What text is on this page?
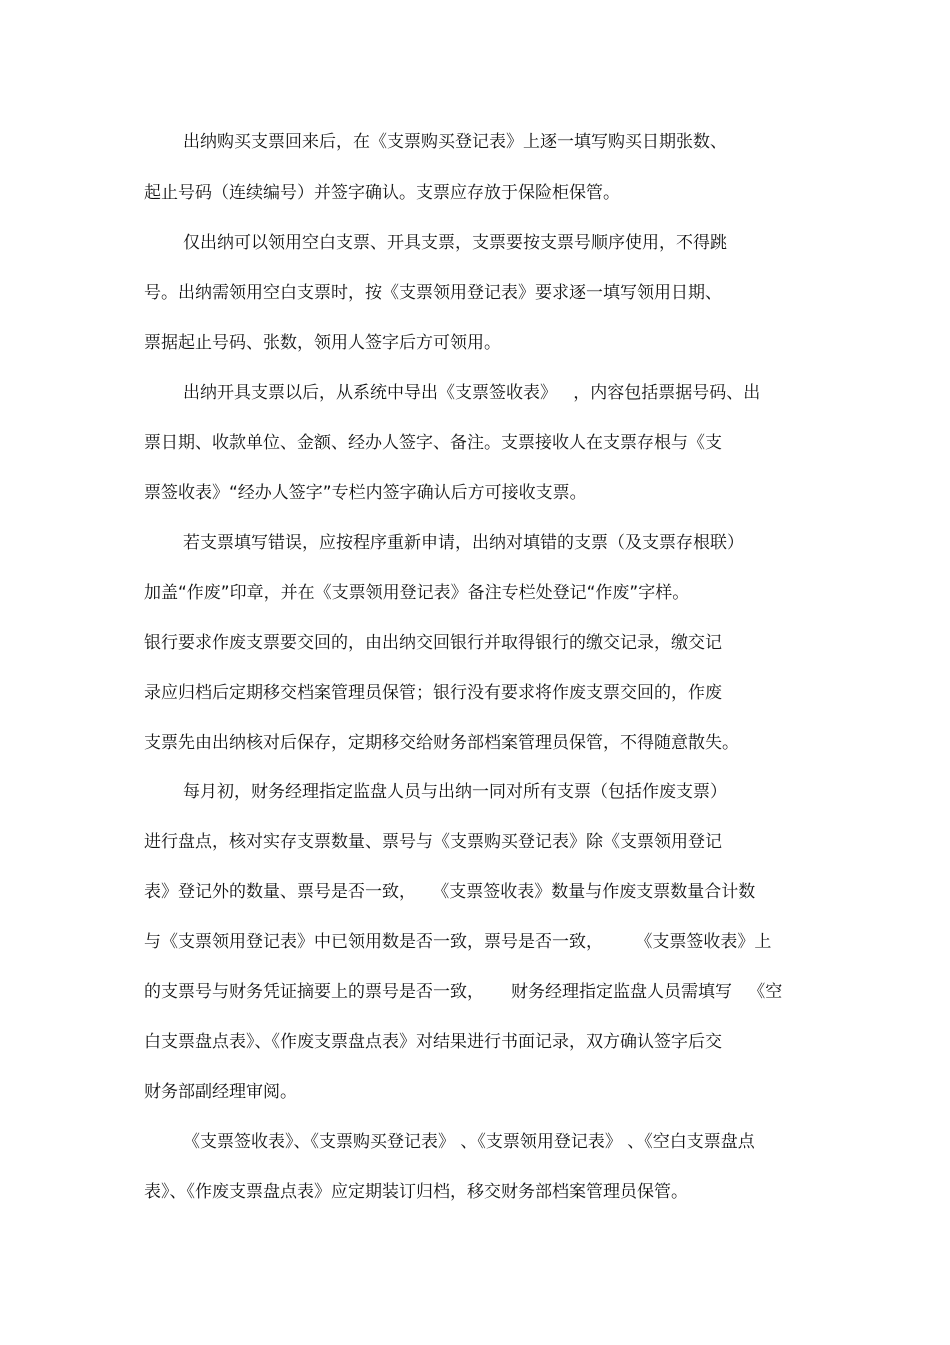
出纳购买支票回来后，在《支票购买登记表》上逐一填写购买日期张数、
起止号码（连续编号）并签字确认。支票应存放于保险柜保管。
仅出纳可以领用空白支票、开具支票，支票要按支票号顺序使用，不得跳
号。出纳需领用空白支票时，按《支票领用登记表》要求逐一填写领用日期、
票据起止号码、张数，领用人签字后方可领用。
出纳开具支票以后，从系统中导出《支票签收表》   ，内容包括票据号码、出
票日期、收款单位、金额、经办人签字、备注。支票接收人在支票存根与《支
票签收表》“经办人签字”专栏内签字确认后方可接收支票。
若支票填写错误，应按程序重新申请，出纳对填错的支票（及支票存根联）
加盖“作废”印章，并在《支票领用登记表》备注专栏处登记“作废”字样。
银行要求作废支票要交回的，由出纳交回银行并取得银行的缴交记录，缴交记
录应归档后定期移交档案管理员保管；银行没有要求将作废支票交回的，作废
支票先由出纳核对后保存，定期移交给财务部档案管理员保管，不得随意散失。
每月初，财务经理指定监盘人员与出纳一同对所有支票（包括作废支票）
进行盘点，核对实存支票数量、票号与《支票购买登记表》除《支票领用登记
表》登记外的数量、票号是否一致，   《支票签收表》数量与作废支票数量合计数
与《支票领用登记表》中已领用数是否一致，票号是否一致，      《支票签收表》上
的支票号与财务凭证摘要上的票号是否一致，     财务经理指定监盘人员需填写   《空
白支票盘点表》、《作废支票盘点表》对结果进行书面记录，双方确认签字后交
财务部副经理审阅。
《支票签收表》、《支票购买登记表》 、《支票领用登记表》 、《空白支票盘点
表》、《作废支票盘点表》应定期装订归档，移交财务部档案管理员保管。
